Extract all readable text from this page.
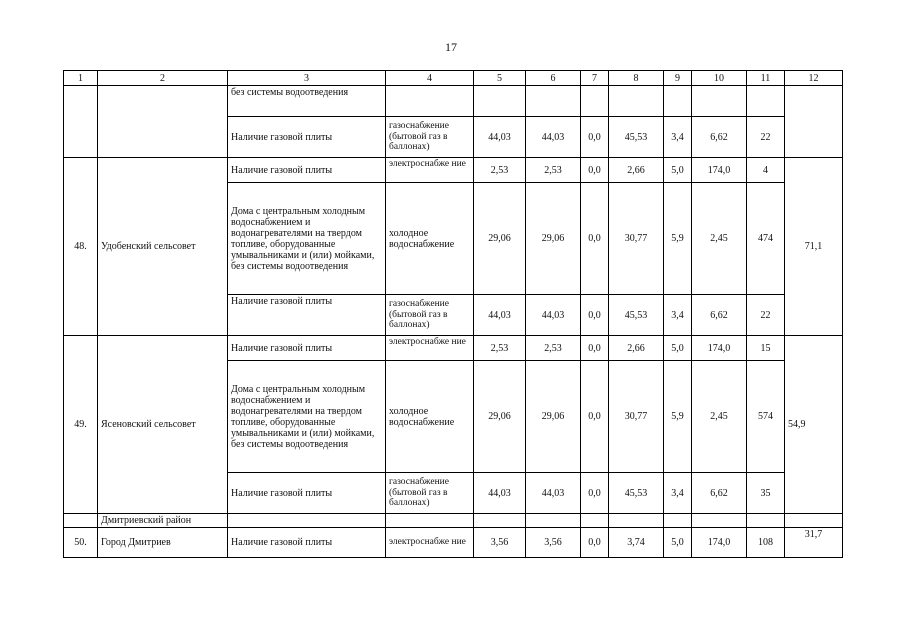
17
1	2	3	4	5	6	7	8	9	10	11	12
		без системы водоотведения									
		Наличие газовой плиты	газоснабжение (бытовой газ в баллонах)	44,03	44,03	0,0	45,53	3,4	6,62	22	
48.	Удобенский сельсовет	Наличие газовой плиты	электроснабже ние	2,53	2,53	0,0	2,66	5,0	174,0	4	71,1
		Дома с центральным холодным водоснабжением и водонагревателями на твердом топливе, оборудованные умывальниками и (или) мойками, без системы водоотведения	холодное водоснабжение	29,06	29,06	0,0	30,77	5,9	2,45	474	
		Наличие газовой плиты	газоснабжение (бытовой газ в баллонах)	44,03	44,03	0,0	45,53	3,4	6,62	22	
49.	Ясеновский сельсовет	Наличие газовой плиты	электроснабже ние	2,53	2,53	0,0	2,66	5,0	174,0	15	54,9
		Дома с центральным холодным водоснабжением и водонагревателями на твердом топливе, оборудованные умывальниками и (или) мойками, без системы водоотведения	холодное водоснабжение	29,06	29,06	0,0	30,77	5,9	2,45	574	
		Наличие газовой плиты	газоснабжение (бытовой газ в баллонах)	44,03	44,03	0,0	45,53	3,4	6,62	35	
	Дмитриевский район										
50.	Город Дмитриев	Наличие газовой плиты	электроснабже ние	3,56	3,56	0,0	3,74	5,0	174,0	108	31,7
